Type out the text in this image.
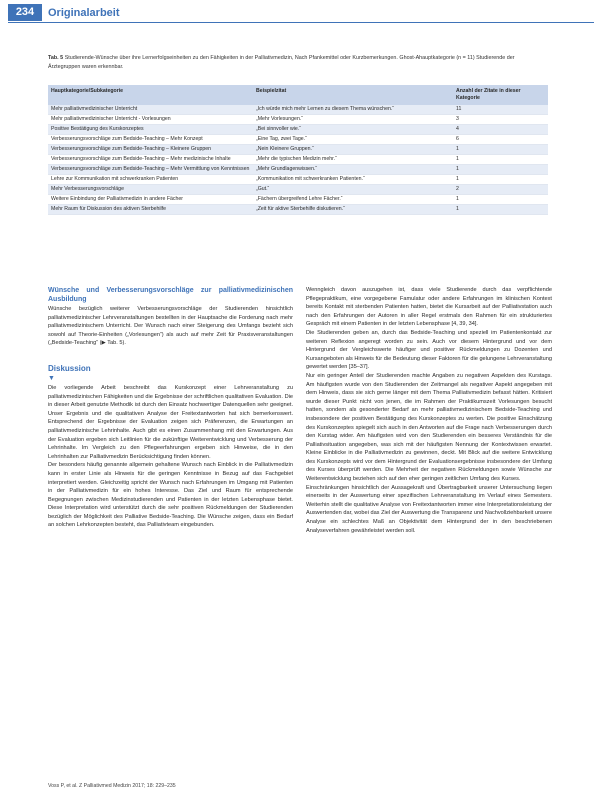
234	Originalarbeit
Tab. 5 Studierende-Wünsche über ihre Lernerfolgseinheiten zu den Fähigkeiten in der Palliativmedizin, Nach Pfankemittel oder Kurzbemerkungen. Ghost-Ahauptkategorie (n = 11) Studierende der Ärztegruppen waren erkennbar.
Hauptkategorie/Subkategorie	Beispielzitat	Anzahl der Zitate in dieser Kategorie
Mehr palliativmedizinischer Unterricht	„Ich würde mich mehr Lernen zu diesem Thema wünschen.“	11
Mehr palliativmedizinischer Unterricht - Vorlesungen	„Mehr Vorlesungen.“	3
Positive Bestätigung des Kurskonzeptes	„Bei sinnvoller wie.“	4
Verbesserungsvorschläge zum Bedside-Teaching – Mehr Konzept	„Eine Tag, zwei Tage.“	6
Verbesserungsvorschläge zum Bedside-Teaching – Kleinere Gruppen	„Nein Kleinere Gruppen.“	1
Verbesserungsvorschläge zum Bedside-Teaching – Mehr medizinische Inhalte	„Mehr die typischen Medizin mehr.“	1
Verbesserungsvorschläge zum Bedside-Teaching – Mehr Vermittlung von Kenntnissen	„Mehr Grundlagenwissen.“	1
Lehre zur Kommunikation mit schwerkranken Patienten	„Kommunikation mit schwerkranken Patienten.“	1
Mehr Verbesserungsvorschläge	„Gut.“	2
Weitere Einbindung der Palliativmedizin in andere Fächer	„Fächern übergreifend Lehre Fächer.“	1
Mehr Raum für Diskussion des aktiven Sterbehilfe	„Zeit für aktive Sterbehilfe diskutieren.“	1
Wünsche und Verbesserungsvorschläge zur palliativmedizinischen Ausbildung

Wünsche bezüglich weiterer Verbesserungsvorschläge der Studierenden hinsichtlich palliativmedizinischer Lehrveranstaltungen bestellten in der Hauptsache die Forderung nach mehr palliativmedizinischem Unterricht. Der Wunsch nach einer Steigerung des Umfangs bezieht sich sowohl auf Theorie-Einheiten („Vorlesungen“) als auch auf mehr Zeit für Praxisveranstaltungen („Bedside-Teaching“ (▶ Tab. 5).

Diskussion
▼

Die vorliegende Arbeit beschreibt das Kurskonzept einer Lehrveranstaltung zu palliativmedizinischen Fähigkeiten und die Ergebnisse der schriftlichen qualitativen Evaluation. Die in dieser Arbeit genutzte Methodik ist durch den Einsatz hochwertiger Datenquellen sehr geeignet. Unser Ergebnis und die qualitativen Analyse der Freitextantworten hat sich bemerkenswert. Entsprechend der Ergebnisse der Evaluation zeigen sich Präferenzen, die Erwartungen an palliativmedizinische Lehrinhalte. Auch gibt es einen Zusammenhang mit den Erwartungen. Aus der Evaluation ergeben sich Leitlinien für die zukünftige Weiterentwicklung und Verbesserung der Lehrinhalte. Im Vergleich zu den Pflegeerfahrungen ergeben sich Hinweise, die in den Lehrinhalten zur Palliativmedizin Berücksichtigung finden können.

Der besonders häufig genannte allgemein gehaltene Wunsch nach Einblick in die Palliativmedizin kann in erster Linie als Hinweis für die geringen Kenntnisse in Bezug auf das Fachgebiet interpretiert werden. Gleichzeitig spricht der Wunsch nach Erfahrungen im Umgang mit Patienten in der Palliativmedizin für ein hohes Interesse. Das Ziel und Raum für entsprechende Begegnungen zwischen Medizinstudierenden und Patienten in der letzten Lebensphase bietet. Diese Interpretation wird unterstützt durch die sehr positiven Rückmeldungen der Studierenden bezüglich der Möglichkeit des Palliative Bedside-Teaching. Die Wünsche zeigen, dass ein Bedarf an solchen Lehrkonzepten besteht, das Palliativteam eingebunden.

Wenngleich davon auszugehen ist, dass viele Studierende durch das verpflichtende Pflegepraktikum, eine vorgegebene Famulatur oder andere Erfahrungen im klinischen Kontext bereits Kontakt mit sterbenden Patienten hatten, bietet die Kursarbeit auf der Palliativstation auch nach den Erfahrungen der Autoren in aller Regel erstmals den Rahmen für ein strukturiertes Gespräch mit einem Patienten in der letzten Lebensphase [4, 39, 34].

Die Studierenden geben an, durch das Bedside-Teaching und speziell im Patientenkontakt zur weiteren Reflexion angeregt worden zu sein. Auch vor diesem Hintergrund und vor dem Hintergrund der Vergleichswerte häufiger und positiver Rückmeldungen zu Dozenten und Kursangeboten als Hinweis für die Bedeutung dieser Faktoren für die gelungene Lehrveranstaltung gewertet werden [35–37].

Nur ein geringer Anteil der Studierenden machte Angaben zu negativen Aspekten des Kurstags. Am häufigsten wurde von den Studierenden der Zeitmangel als negativer Aspekt angegeben mit dem Hinweis, dass sie sich gerne länger mit dem Thema Palliativmedizin befasst hätten. Kritisiert wurde dieser Punkt nicht von jenen, die im Rahmen der Praktikumszeit Vorlesungen besucht hatten, sondern als gesonderter Bedarf an mehr palliativmedizinischem Bedside-Teaching und insbesondere der positiven Bestätigung des Kurskonzeptes zu werten. Die positive Einschätzung des Kurskonzeptes spiegelt sich auch in den Antworten auf die Frage nach Verbesserungen durch den Kurstag wider. Am häufigsten wird von den Studierenden ein besseres Verständnis für die Palliativsituation angegeben, was sich mit der häufigsten Nennung der Kontextwissen erwartet. Kleine Einblicke in die Palliativmedizin zu gewinnen, deckt. Mit Blick auf die weitere Entwicklung des Kurskonzepts wird vor dem Hintergrund der Evaluationsergebnisse insbesondere der Umfang des Kurses überprüft werden. Die Mehrheit der negativen Rückmeldungen sowie Wünsche zur Weiterentwicklung beziehen sich auf den eher geringen zeitlichen Umfang des Kurses.

Einschränkungen hinsichtlich der Aussagekraft und Übertragbarkeit unserer Untersuchung liegen einerseits in der Auswertung einer spezifischen Lehrveranstaltung im Verlauf eines Semesters. Weiterhin stellt die qualitative Analyse von Freitextantworten immer eine Interpretationsleistung der Auswertenden dar, wobei das Ziel der Auswertung die Transparenz und Nachvollziehbarkeit unsere Analyse ein schlechtes Maß an Objektivität dem Hintergrund der in den beschriebenen Analyseverfahren gewährleistet werden soll.

Voss P, et al. Z Palliativmed Medizin 2017; 18: 229–235
